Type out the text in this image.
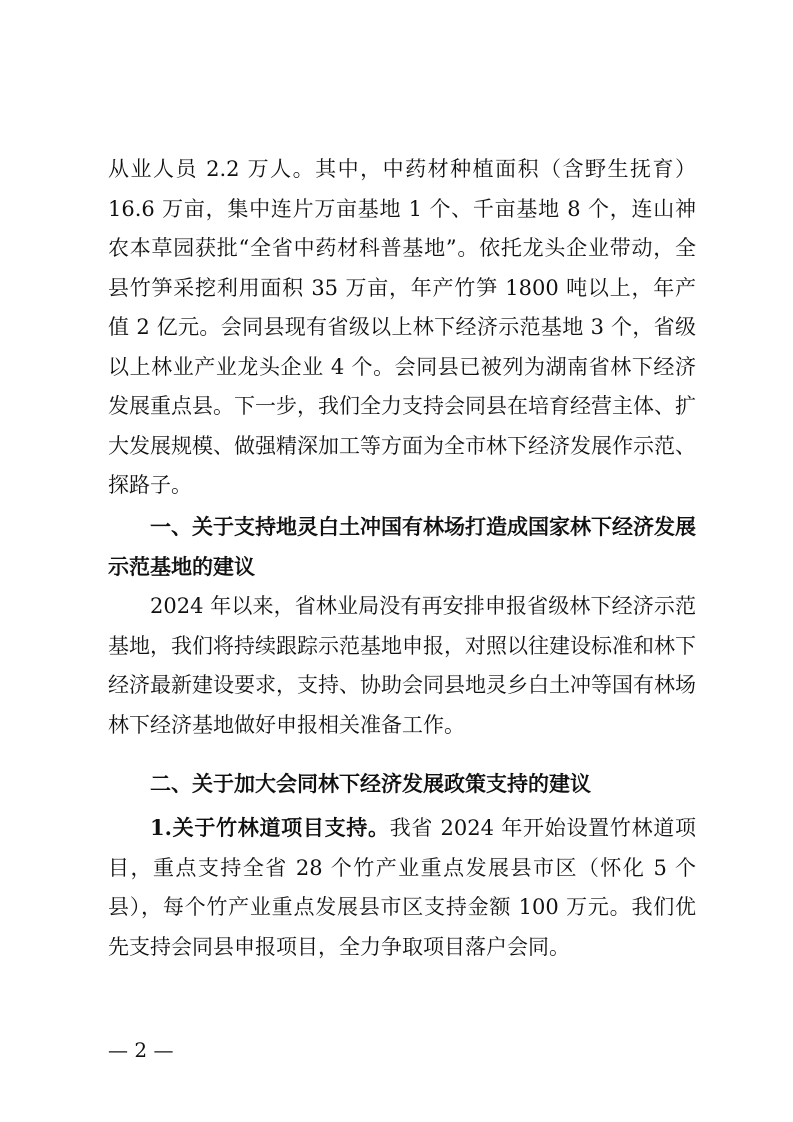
从业人员 2.2 万人。其中，中药材种植面积（含野生抚育）16.6 万亩，集中连片万亩基地 1 个、千亩基地 8 个，连山神农本草园获批“全省中药材科普基地”。依托龙头企业带动，全县竹笋采挖利用面积 35 万亩，年产竹笋 1800 吨以上，年产值 2 亿元。会同县现有省级以上林下经济示范基地 3 个，省级以上林业产业龙头企业 4 个。会同县已被列为湖南省林下经济发展重点县。下一步，我们全力支持会同县在培育经营主体、扩大发展规模、做强精深加工等方面为全市林下经济发展作示范、探路子。

一、关于支持地灵白土冲国有林场打造成国家林下经济发展示范基地的建议

2024 年以来，省林业局没有再安排申报省级林下经济示范基地，我们将持续跟踪示范基地申报，对照以往建设标准和林下经济最新建设要求，支持、协助会同县地灵乡白土冲等国有林场林下经济基地做好申报相关准备工作。

二、关于加大会同林下经济发展政策支持的建议

1.关于竹林道项目支持。我省 2024 年开始设置竹林道项目，重点支持全省 28 个竹产业重点发展县市区（怀化 5 个县），每个竹产业重点发展县市区支持金额 100 万元。我们优先支持会同县申报项目，全力争取项目落户会同。

— 2 —
